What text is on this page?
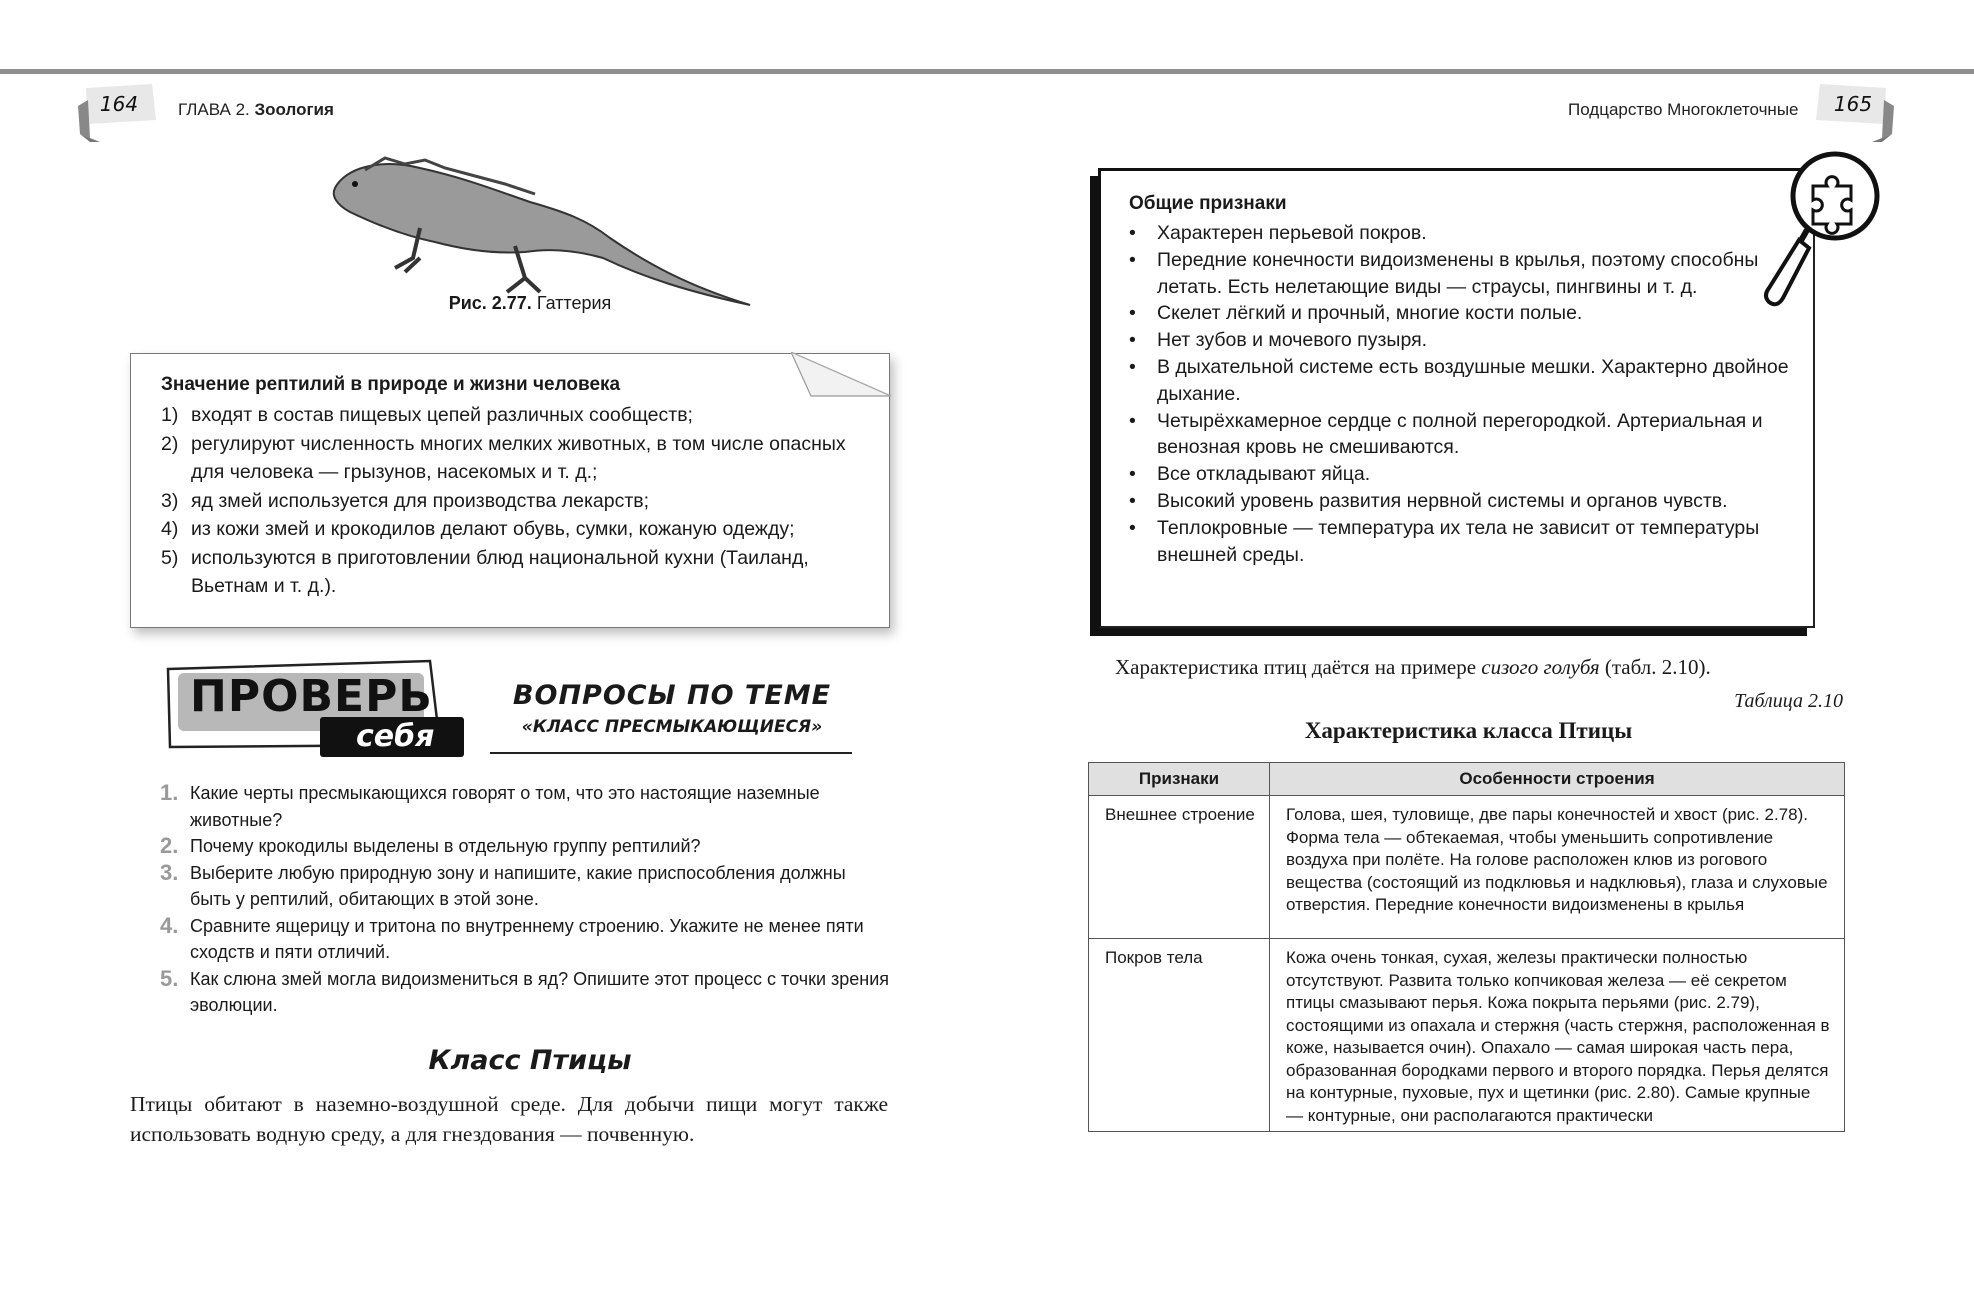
164	ГЛАВА 2. Зоология
Рис. 2.77. Гаттерия
Значение рептилий в природе и жизни человека
1) входят в состав пищевых цепей различных сообществ;
2) регулируют численность многих мелких животных, в том числе опасных для человека — грызунов, насекомых и т. д.;
3) яд змей используется для производства лекарств;
4) из кожи змей и крокодилов делают обувь, сумки, кожаную одежду;
5) используются в приготовлении блюд национальной кухни (Таиланд, Вьетнам и т. д.).
ПРОВЕРЬ
себя
ВОПРОСЫ ПО ТЕМЕ
«КЛАСС ПРЕСМЫКАЮЩИЕСЯ»
1. Какие черты пресмыкающихся говорят о том, что это настоящие наземные животные?
2. Почему крокодилы выделены в отдельную группу рептилий?
3. Выберите любую природную зону и напишите, какие приспособления должны быть у рептилий, обитающих в этой зоне.
4. Сравните ящерицу и тритона по внутреннему строению. Укажите не менее пяти сходств и пяти отличий.
5. Как слюна змей могла видоизмениться в яд? Опишите этот процесс с точки зрения эволюции.
Класс Птицы
Птицы обитают в наземно-воздушной среде. Для добычи пищи могут также использовать водную среду, а для гнездования — почвенную.
Подцарство Многоклеточные	165
Общие признаки
•	Характерен перьевой покров.
•	Передние конечности видоизменены в крылья, поэтому способны летать. Есть нелетающие виды — страусы, пингвины и т. д.
•	Скелет лёгкий и прочный, многие кости полые.
•	Нет зубов и мочевого пузыря.
•	В дыхательной системе есть воздушные мешки. Характерно двойное дыхание.
•	Четырёхкамерное сердце с полной перегородкой. Артериальная и венозная кровь не смешиваются.
•	Все откладывают яйца.
•	Высокий уровень развития нервной системы и органов чувств.
•	Теплокровные — температура их тела не зависит от температуры внешней среды.
Характеристика птиц даётся на примере сизого голубя (табл. 2.10).
Таблица 2.10
Характеристика класса Птицы
Признаки	Особенности строения
Внешнее строение	Голова, шея, туловище, две пары конечностей и хвост (рис. 2.78). Форма тела — обтекаемая, чтобы уменьшить сопротивление воздуха при полёте. На голове расположен клюв из рогового вещества (состоящий из подклювья и надклювья), глаза и слуховые отверстия. Передние конечности видоизменены в крылья
Покров тела	Кожа очень тонкая, сухая, железы практически полностью отсутствуют. Развита только копчиковая железа — её секретом птицы смазывают перья. Кожа покрыта перьями (рис. 2.79), состоящими из опахала и стержня (часть стержня, расположенная в коже, называется очин). Опахало — самая широкая часть пера, образованная бородками первого и второго порядка. Перья делятся на контурные, пуховые, пух и щетинки (рис. 2.80). Самые крупные — контурные, они располагаются практически
